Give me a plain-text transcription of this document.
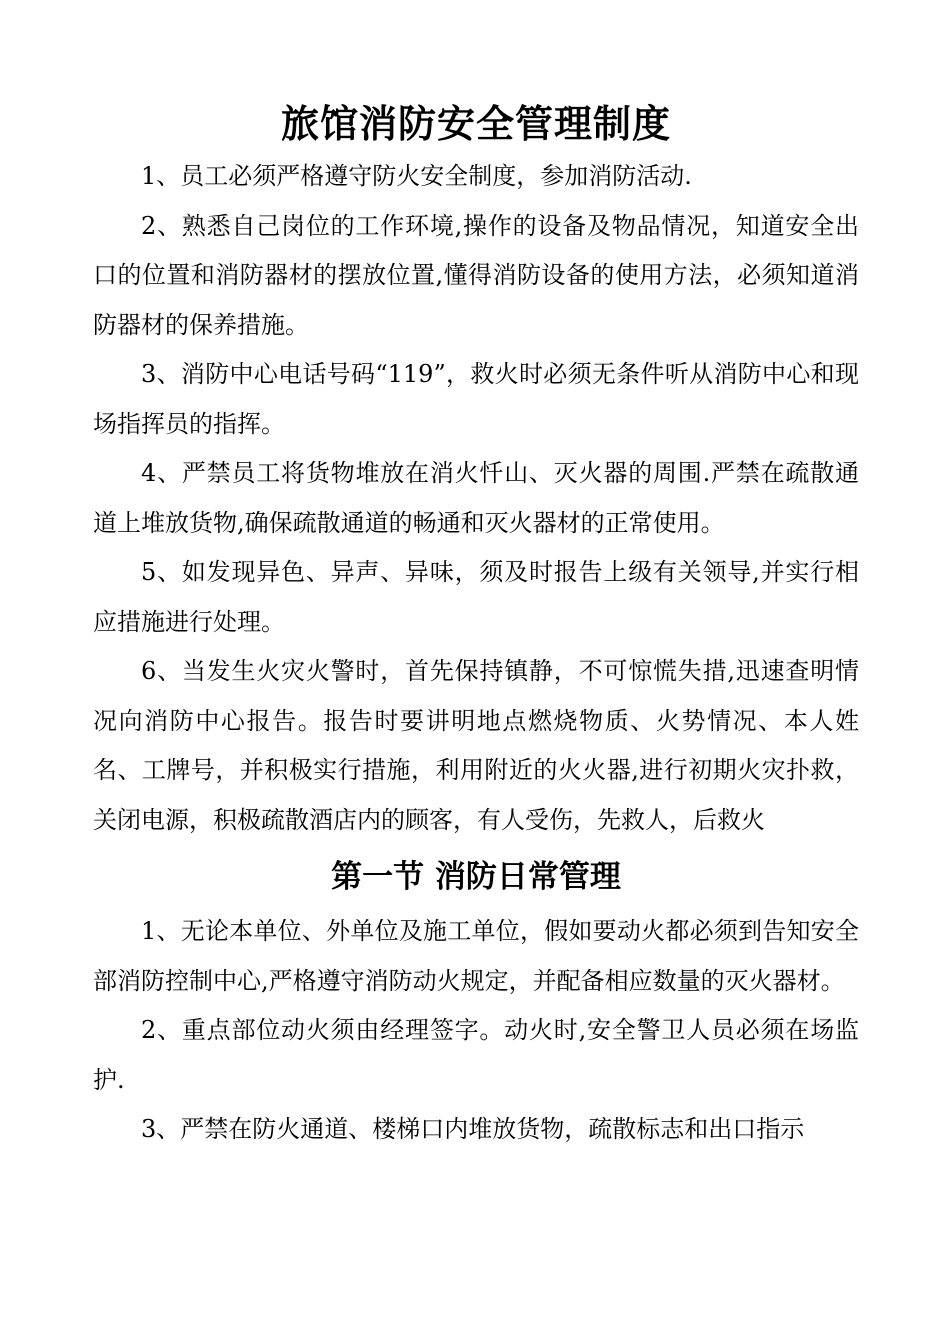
旅馆消防安全管理制度

1、员工必须严格遵守防火安全制度，参加消防活动.

2、熟悉自己岗位的工作环境,操作的设备及物品情况，知道安全出口的位置和消防器材的摆放位置,懂得消防设备的使用方法，必须知道消防器材的保养措施。

3、消防中心电话号码“119”，救火时必须无条件听从消防中心和现场指挥员的指挥。

4、严禁员工将货物堆放在消火忏山、灭火器的周围.严禁在疏散通道上堆放货物,确保疏散通道的畅通和灭火器材的正常使用。

5、如发现异色、异声、异味，须及时报告上级有关领导,并实行相应措施进行处理。

6、当发生火灾火警时，首先保持镇静，不可惊慌失措,迅速查明情况向消防中心报告。报告时要讲明地点燃烧物质、火势情况、本人姓名、工牌号，并积极实行措施，利用附近的火火器,进行初期火灾扑救，关闭电源，积极疏散酒店内的顾客，有人受伤，先救人，后救火

第一节 消防日常管理

1、无论本单位、外单位及施工单位，假如要动火都必须到告知安全部消防控制中心,严格遵守消防动火规定，并配备相应数量的灭火器材。

2、重点部位动火须由经理签字。动火时,安全警卫人员必须在场监护.

3、严禁在防火通道、楼梯口内堆放货物，疏散标志和出口指示
